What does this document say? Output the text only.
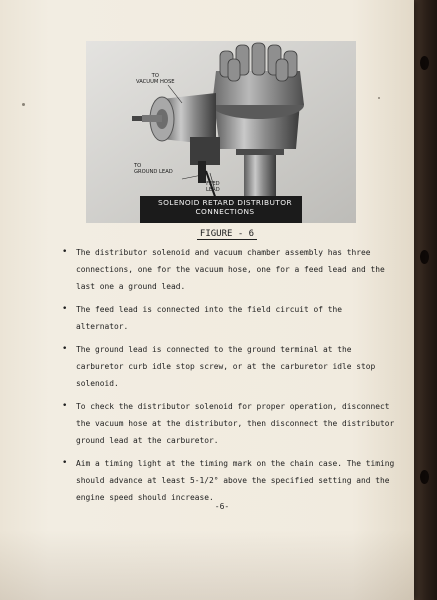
TO
VACUUM HOSE
TO
GROUND LEAD
FEED
LEAD
SOLENOID RETARD DISTRIBUTOR
CONNECTIONS
FIGURE - 6
• The distributor solenoid and vacuum chamber assembly has three connections, one for the vacuum hose, one for a feed lead and the last one a ground lead.
• The feed lead is connected into the field circuit of the alternator.
• The ground lead is connected to the ground terminal at the carburetor curb idle stop screw, or at the carburetor idle stop solenoid.
• To check the distributor solenoid for proper operation, disconnect the vacuum hose at the distributor, then disconnect the distributor ground lead at the carburetor.
• Aim a timing light at the timing mark on the chain case. The timing should advance at least 5-1/2° above the specified setting and the engine speed should increase.
-6-
